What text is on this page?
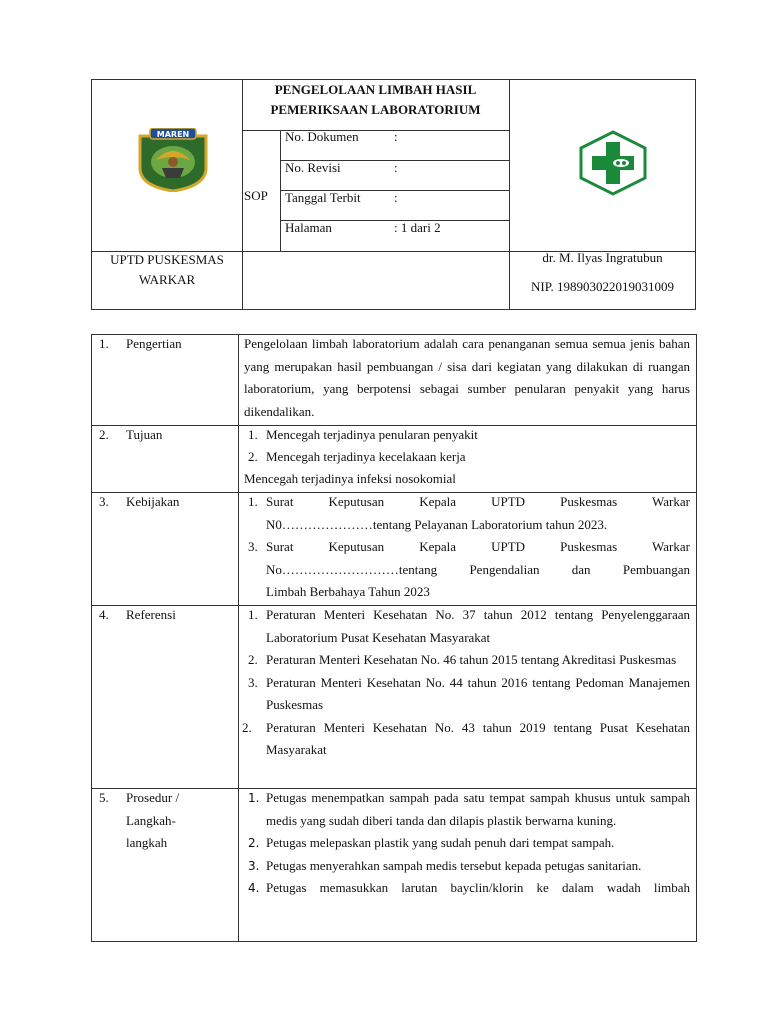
MAREN
PENGELOLAAN LIMBAH HASIL
PEMERIKSAAN LABORATORIUM
SOP
No. Dokumen	:
No. Revisi	:
Tanggal Terbit	:
Halaman	: 1 dari 2
UPTD PUSKESMAS
WARKAR
dr. M. Ilyas Ingratubun
NIP. 198903022019031009
1. Pengertian	Pengelolaan limbah laboratorium adalah cara penanganan semua semua jenis bahan yang merupakan hasil pembuangan / sisa dari kegiatan yang dilakukan di ruangan laboratorium, yang berpotensi sebagai sumber penularan penyakit yang harus dikendalikan.
2. Tujuan	1. Mencegah terjadinya penularan penyakit
2. Mencegah terjadinya kecelakaan kerja
Mencegah terjadinya infeksi nosokomial
3. Kebijakan	1. Surat Keputusan Kepala UPTD Puskesmas Warkar
N0…………………tentang Pelayanan Laboratorium tahun 2023.
3. Surat Keputusan Kepala UPTD Puskesmas Warkar
No………………………tentang Pengendalian dan Pembuangan
Limbah Berbahaya Tahun 2023
4. Referensi	1. Peraturan Menteri Kesehatan No. 37 tahun 2012 tentang Penyelenggaraan Laboratorium Pusat Kesehatan Masyarakat
2. Peraturan Menteri Kesehatan No. 46 tahun 2015 tentang Akreditasi Puskesmas
3. Peraturan Menteri Kesehatan No. 44 tahun 2016 tentang Pedoman Manajemen Puskesmas
2. Peraturan Menteri Kesehatan No. 43 tahun 2019 tentang Pusat Kesehatan Masyarakat
5. Prosedur /
Langkah-
langkah
1. Petugas menempatkan sampah pada satu tempat sampah khusus untuk sampah medis yang sudah diberi tanda dan dilapis plastik berwarna kuning.
2. Petugas melepaskan plastik yang sudah penuh dari tempat sampah.
3. Petugas menyerahkan sampah medis tersebut kepada petugas sanitarian.
4. Petugas memasukkan larutan bayclin/klorin ke dalam wadah limbah
